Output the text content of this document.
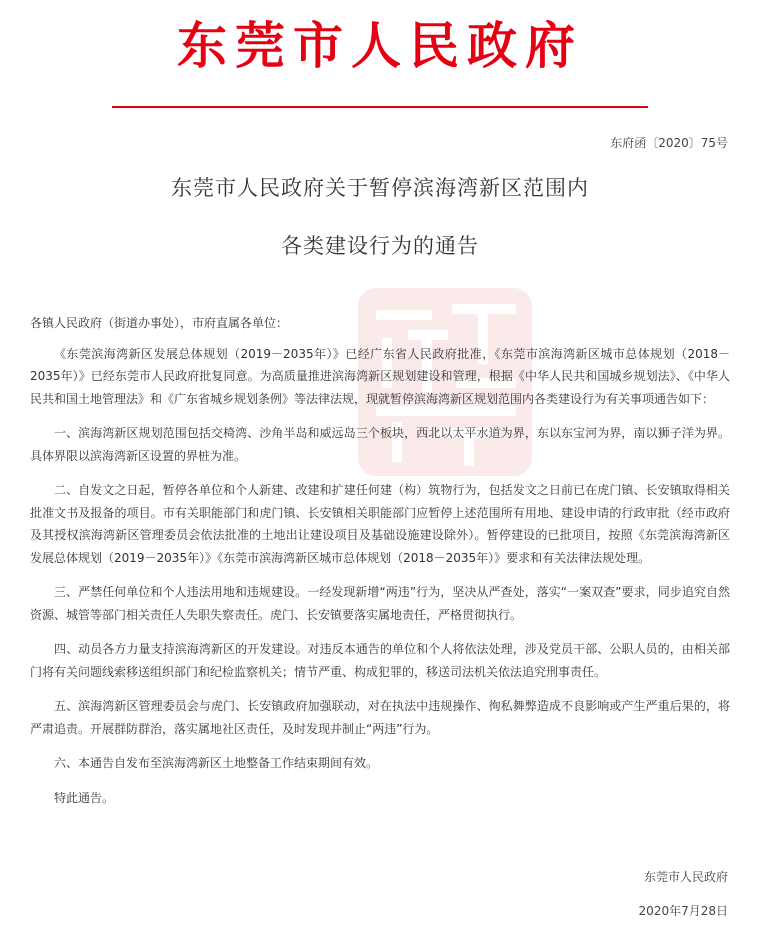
东莞市人民政府
东府函〔2020〕75号
东莞市人民政府关于暂停滨海湾新区范围内
各类建设行为的通告

各镇人民政府（街道办事处），市府直属各单位：

《东莞滨海湾新区发展总体规划（2019－2035年）》已经广东省人民政府批准，《东莞市滨海湾新区城市总体规划（2018－2035年）》已经东莞市人民政府批复同意。为高质量推进滨海湾新区规划建设和管理，根据《中华人民共和国城乡规划法》、《中华人民共和国土地管理法》和《广东省城乡规划条例》等法律法规，现就暂停滨海湾新区规划范围内各类建设行为有关事项通告如下：

一、滨海湾新区规划范围包括交椅湾、沙角半岛和威远岛三个板块，西北以太平水道为界，东以东宝河为界，南以狮子洋为界。具体界限以滨海湾新区设置的界桩为准。

二、自发文之日起，暂停各单位和个人新建、改建和扩建任何建（构）筑物行为，包括发文之日前已在虎门镇、长安镇取得相关批准文书及报备的项目。市有关职能部门和虎门镇、长安镇相关职能部门应暂停上述范围所有用地、建设申请的行政审批（经市政府及其授权滨海湾新区管理委员会依法批准的土地出让建设项目及基础设施建设除外）。暂停建设的已批项目，按照《东莞滨海湾新区发展总体规划（2019－2035年）》《东莞市滨海湾新区城市总体规划（2018－2035年）》要求和有关法律法规处理。

三、严禁任何单位和个人违法用地和违规建设。一经发现新增“两违”行为，坚决从严查处，落实“一案双查”要求，同步追究自然资源、城管等部门相关责任人失职失察责任。虎门、长安镇要落实属地责任，严格贯彻执行。

四、动员各方力量支持滨海湾新区的开发建设。对违反本通告的单位和个人将依法处理，涉及党员干部、公职人员的，由相关部门将有关问题线索移送组织部门和纪检监察机关；情节严重、构成犯罪的，移送司法机关依法追究刑事责任。

五、滨海湾新区管理委员会与虎门、长安镇政府加强联动，对在执法中违规操作、徇私舞弊造成不良影响或产生严重后果的，将严肃追责。开展群防群治，落实属地社区责任，及时发现并制止“两违”行为。

六、本通告自发布至滨海湾新区土地整备工作结束期间有效。

特此通告。

东莞市人民政府
2020年7月28日
